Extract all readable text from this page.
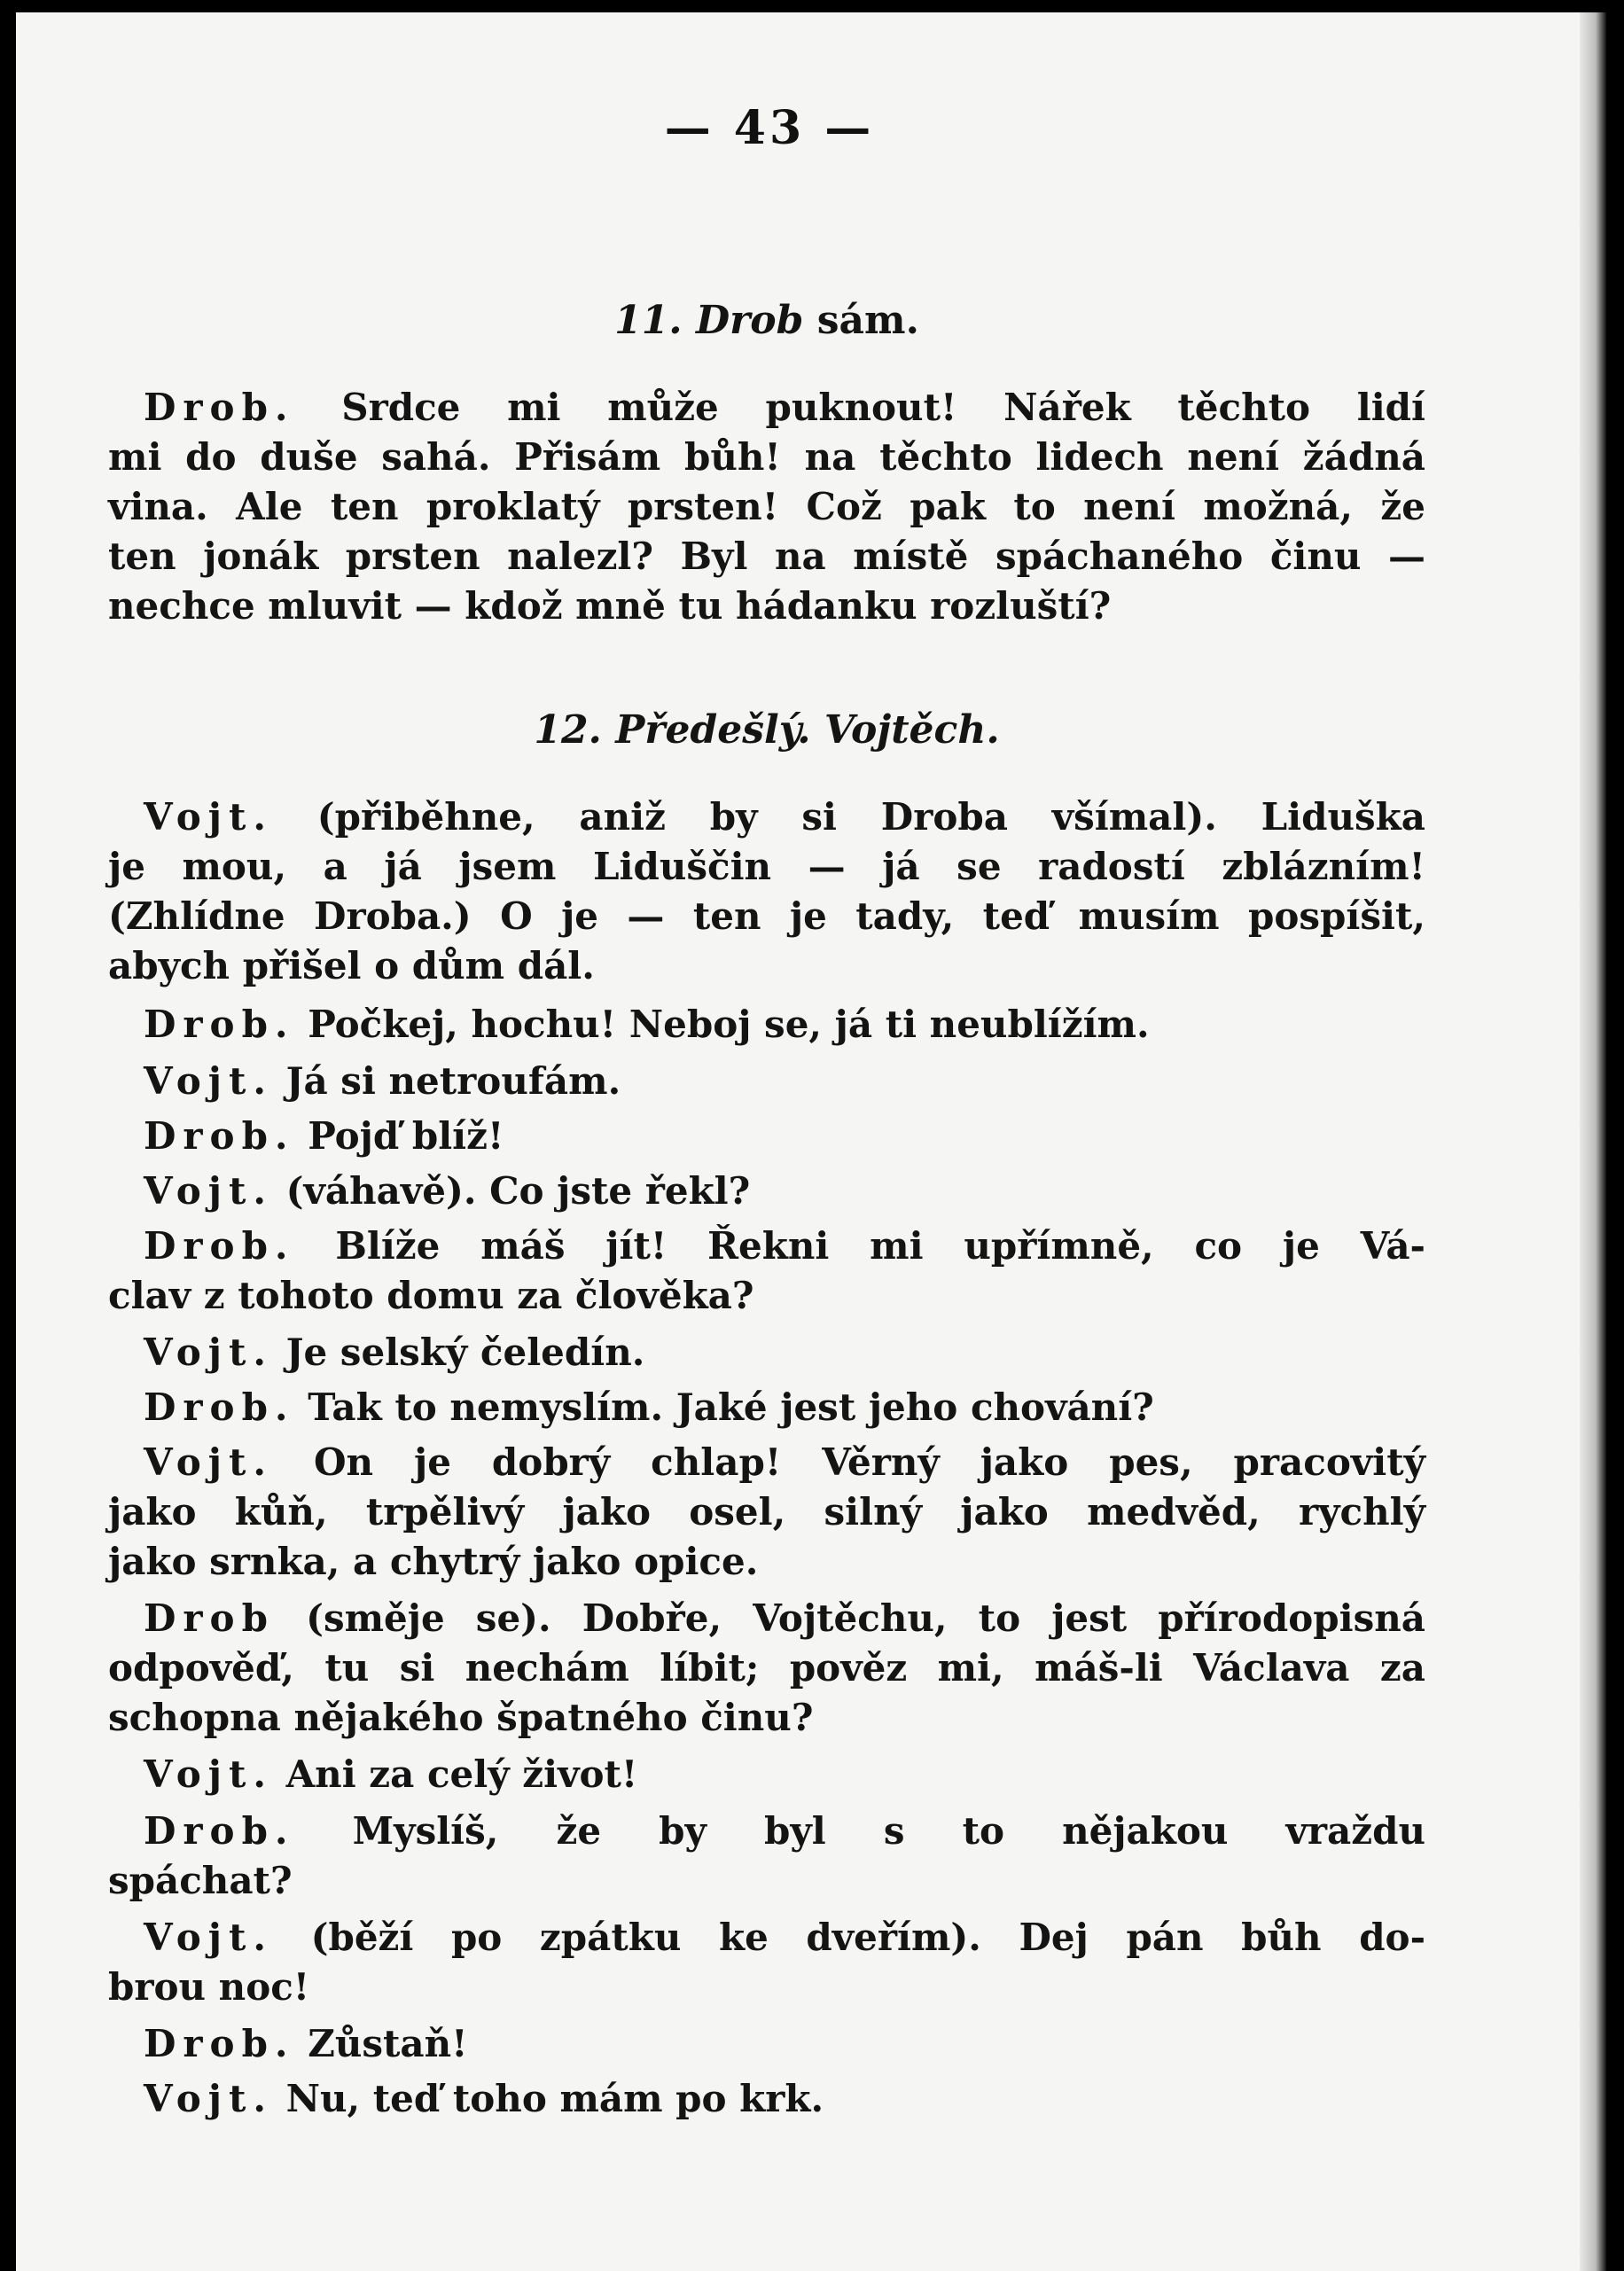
— 43 —
11. Drob sám.
Drob. Srdce mi může puknout! Nářek těchto lidí
mi do duše sahá. Přisám bůh! na těchto lidech není žádná
vina. Ale ten proklatý prsten! Což pak to není možná, že
ten jonák prsten nalezl? Byl na místě spáchaného činu —
nechce mluvit — kdož mně tu hádanku rozluští?
12. Předešlý. Vojtěch.
Vojt. (přiběhne, aniž by si Droba všímal). Liduška
je mou, a já jsem Liduščin — já se radostí zblázním!
(Zhlídne Droba.) O je — ten je tady, teď musím pospíšit,
abych přišel o dům dál.
Drob. Počkej, hochu! Neboj se, já ti neublížím.
Vojt. Já si netroufám.
Drob. Pojď blíž!
Vojt. (váhavě). Co jste řekl?
Drob. Blíže máš jít! Řekni mi upřímně, co je Vá-
clav z tohoto domu za člověka?
Vojt. Je selský čeledín.
Drob. Tak to nemyslím. Jaké jest jeho chování?
Vojt. On je dobrý chlap! Věrný jako pes, pracovitý
jako kůň, trpělivý jako osel, silný jako medvěd, rychlý
jako srnka, a chytrý jako opice.
Drob (směje se). Dobře, Vojtěchu, to jest přírodopisná
odpověď, tu si nechám líbit; pověz mi, máš-li Václava za
schopna nějakého špatného činu?
Vojt. Ani za celý život!
Drob. Myslíš, že by byl s to nějakou vraždu
spáchat?
Vojt. (běží po zpátku ke dveřím). Dej pán bůh do-
brou noc!
Drob. Zůstaň!
Vojt. Nu, teď toho mám po krk.
